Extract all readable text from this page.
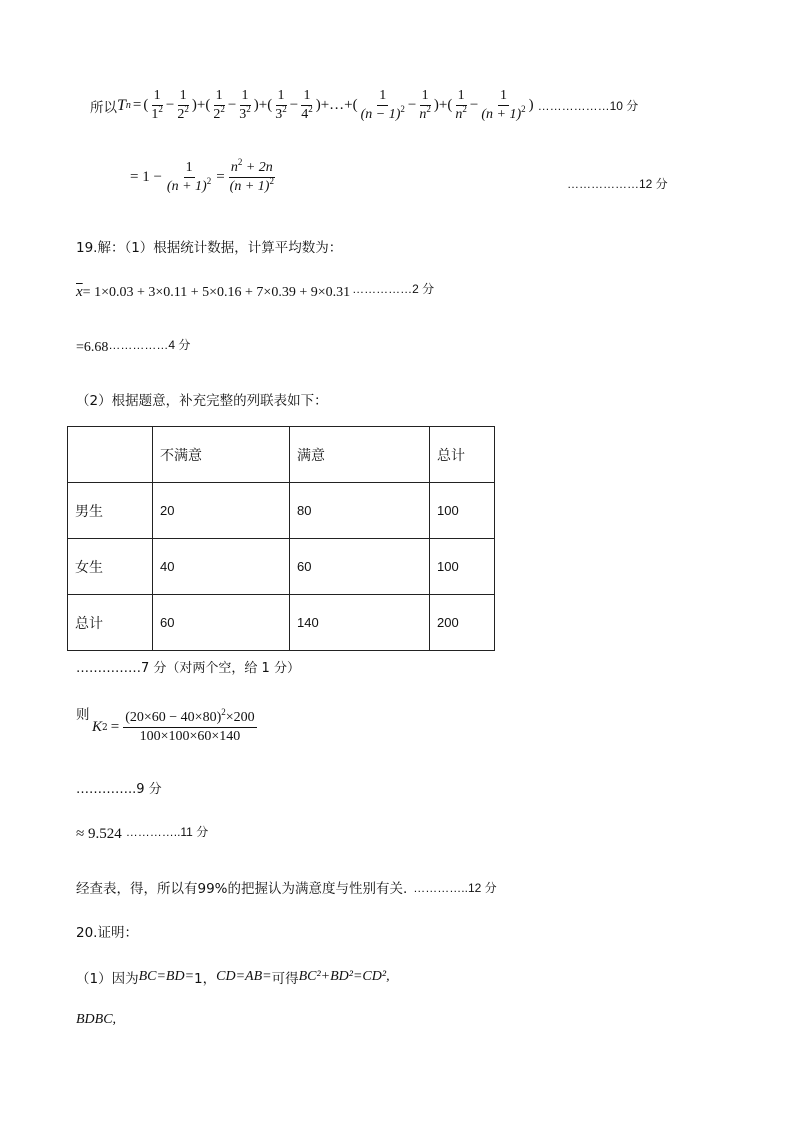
所以 T n = ( $\frac{1}{1^2} - \frac{1}{2^2}$ ) + ( $\frac{1}{2^2} - \frac{1}{3^2}$ ) + ( $\frac{1}{3^2} - \frac{1}{4^2}$ ) +…+ ( $\frac{1}{(n - 1)^2} - \frac{1}{n^2}$ ) + ( $\frac{1}{n^2} - \frac{1}{(n + 1)^2}$ ) ………………10 分
= $1 - \frac{1}{(n + 1)^2} = \frac{n^2 + 2n}{(n + 1)^2}$	………………12 分
19.解：（1）根据统计数据，计算平均数为：
$\overline{x} = 1\times 0.03 + 3\times 0.11 + 5\times 0.16 + 7\times 0.39 + 9\times 0.31$ ……………2 分
=6.68 ……………4 分
（2）根据题意，补充完整的列联表如下：
	不满意	满意	总计
男生	20	80	100
女生	40	60	100
总计	60	140	200
……………7 分（对两个空，给 1 分）
则
K $2 = \frac{(20\times 60 - 40\times 80)^2\times 200}{100\times 100\times 60\times 140}$
…………..9 分
≈ 9.524 …………..11 分
经查表，得，所以有99%的把握认为满意度与性别有关. …………..12 分
20.证明：
（1）因为 BC=BD= 1， CD=AB= 可得 BC²+BD²=CD²,
BDBC,
